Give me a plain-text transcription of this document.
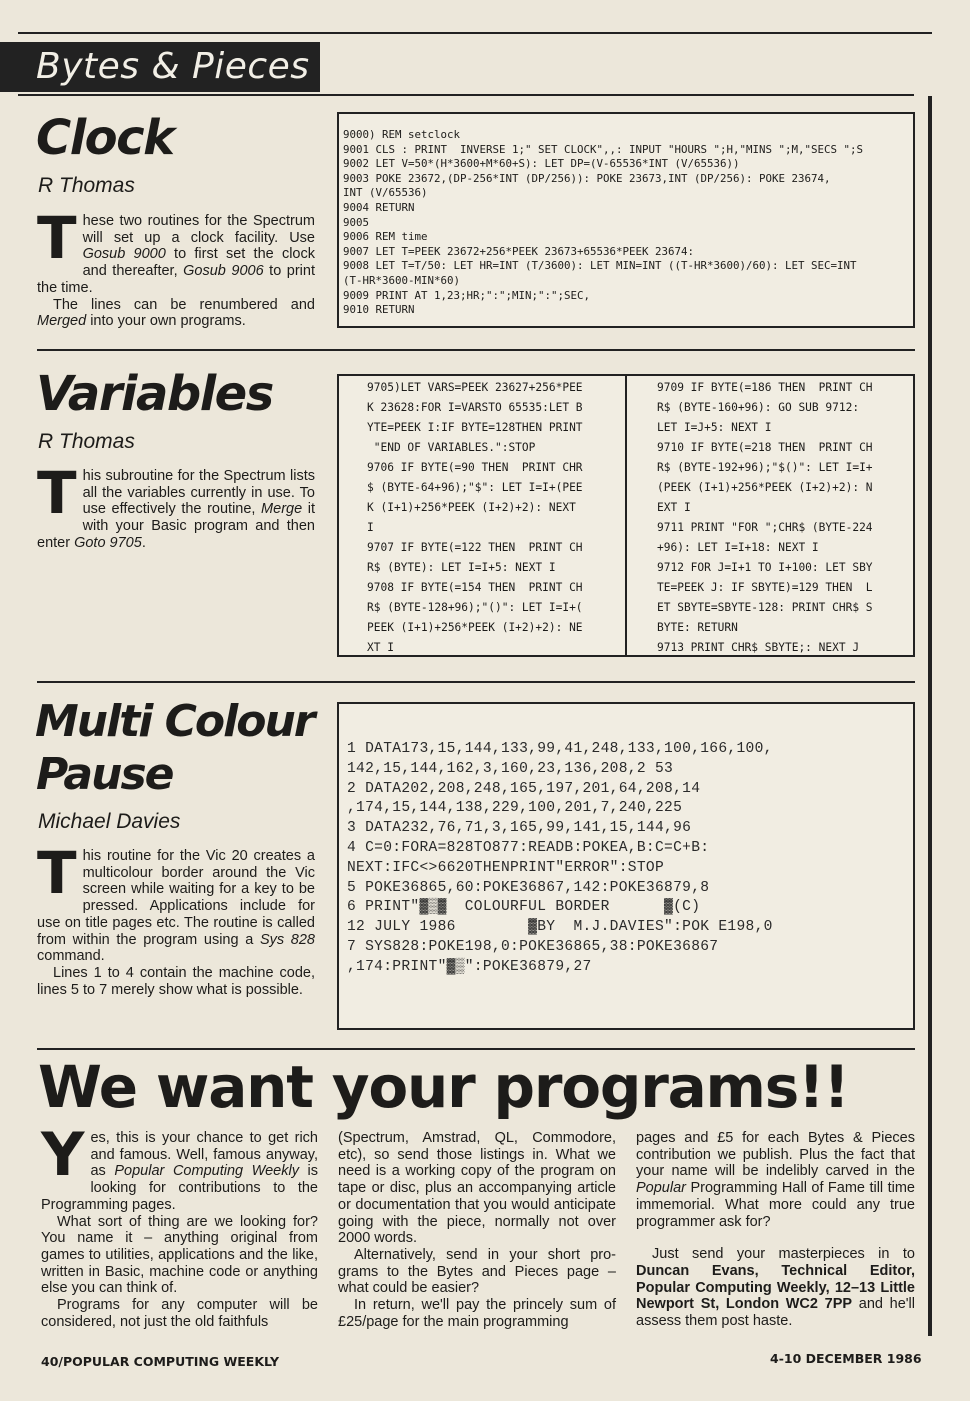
Bytes & Pieces
Clock
R Thomas

These two routines for the Spectrum will set up a clock facility. Use Gosub 9000 to first set the clock and thereafter, Gosub 9006 to print the time.

The lines can be renumbered and Merged into your own programs.

9000) REM setclock
9001 CLS : PRINT  INVERSE 1;" SET CLOCK",,: INPUT "HOURS ";H,"MINS ";M,"SECS ";S
9002 LET V=50*(H*3600+M*60+S): LET DP=(V-65536*INT (V/65536))
9003 POKE 23672,(DP-256*INT (DP/256)): POKE 23673,INT (DP/256): POKE 23674,
INT (V/65536)
9004 RETURN
9005
9006 REM time
9007 LET T=PEEK 23672+256*PEEK 23673+65536*PEEK 23674:
9008 LET T=T/50: LET HR=INT (T/3600): LET MIN=INT ((T-HR*3600)/60): LET SEC=INT
(T-HR*3600-MIN*60)
9009 PRINT AT 1,23;HR;":";MIN;":";SEC,
9010 RETURN
Variables
R Thomas

This subroutine for the Spectrum lists all the variables currently in use. To use effectively the routine, Merge it with your Basic program and then enter Goto 9705.

9705)LET VARS=PEEK 23627+256*PEE
K 23628:FOR I=VARSTO 65535:LET B
YTE=PEEK I:IF BYTE=128THEN PRINT
"END OF VARIABLES.":STOP
9706 IF BYTE(=90 THEN  PRINT CHR
$ (BYTE-64+96);"$": LET I=I+(PEE
K (I+1)+256*PEEK (I+2)+2): NEXT
I
9707 IF BYTE(=122 THEN  PRINT CH
R$ (BYTE): LET I=I+5: NEXT I
9708 IF BYTE(=154 THEN  PRINT CH
R$ (BYTE-128+96);"()": LET I=I+(
PEEK (I+1)+256*PEEK (I+2)+2): NE
XT I
9709 IF BYTE(=186 THEN  PRINT CH
R$ (BYTE-160+96): GO SUB 9712:
LET I=J+5: NEXT I
9710 IF BYTE(=218 THEN  PRINT CH
R$ (BYTE-192+96);"$()": LET I=I+
(PEEK (I+1)+256*PEEK (I+2)+2): N
EXT I
9711 PRINT "FOR ";CHR$ (BYTE-224
+96): LET I=I+18: NEXT I
9712 FOR J=I+1 TO I+100: LET SBY
TE=PEEK J: IF SBYTE)=129 THEN  L
ET SBYTE=SBYTE-128: PRINT CHR$ S
BYTE: RETURN
9713 PRINT CHR$ SBYTE;: NEXT J
Multi Colour
Pause
Michael Davies

This routine for the Vic 20 creates a multicolour border around the Vic screen while waiting for a key to be pressed. Applications include for use on title pages etc. The routine is called from within the program using a Sys 828 command.

Lines 1 to 4 contain the machine code, lines 5 to 7 merely show what is possible.

1 DATA173,15,144,133,99,41,248,133,100,166,100,
142,15,144,162,3,160,23,136,208,2 53
2 DATA202,208,248,165,197,201,64,208,14
,174,15,144,138,229,100,201,7,240,225
3 DATA232,76,71,3,165,99,141,15,144,96
4 C=0:FORA=828TO877:READB:POKEA,B:C=C+B:
NEXT:IFC<>6620THENPRINT"ERROR":STOP
5 POKE36865,60:POKE36867,142:POKE36879,8
6 PRINT"▓▒▓  COLOURFUL BORDER      ▓(C)
12 JULY 1986        ▓BY  M.J.DAVIES":POK E198,0
7 SYS828:POKE198,0:POKE36865,38:POKE36867
,174:PRINT"▓▒":POKE36879,27
We want your programs!!

Yes, this is your chance to get rich and famous. Well, famous anyway, as Popular Computing Weekly is looking for contributions to the Programming pages.

What sort of thing are we looking for? You name it – anything original from games to utilities, applications and the like, written in Basic, machine code or anything else you can think of.

Programs for any computer will be considered, not just the old faithfuls

(Spectrum, Amstrad, QL, Commodore, etc), so send those listings in. What we need is a working copy of the program on tape or disc, plus an accompanying article or documentation that you would anticipate going with the piece, normally not over 2000 words.

Alternatively, send in your short programs to the Bytes and Pieces page – what could be easier?

In return, we'll pay the princely sum of £25/page for the main programming

pages and £5 for each Bytes & Pieces contribution we publish. Plus the fact that your name will be indelibly carved in the Popular Programming Hall of Fame till time immemorial. What more could any true programmer ask for?

Just send your masterpieces in to Duncan Evans, Technical Editor, Popular Computing Weekly, 12–13 Little Newport St, London WC2 7PP and he'll assess them post haste.

40/POPULAR COMPUTING WEEKLY	4-10 DECEMBER 1986
